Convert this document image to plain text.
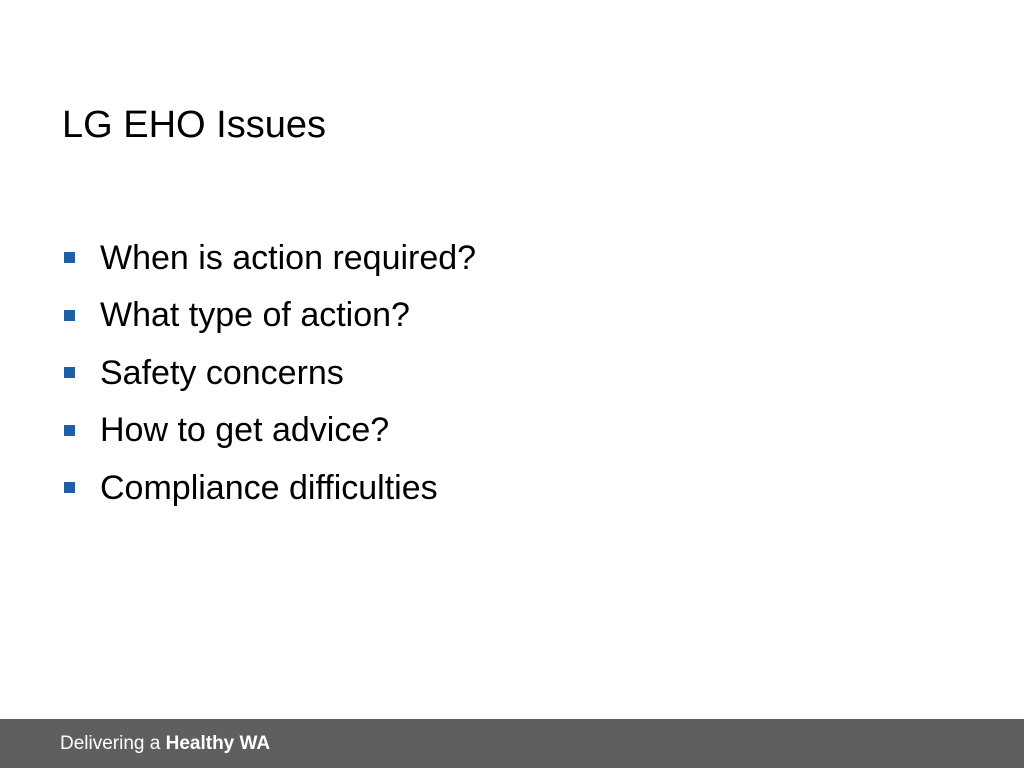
LG EHO Issues
When is action required?
What type of action?
Safety concerns
How to get advice?
Compliance difficulties
Delivering a Healthy WA
